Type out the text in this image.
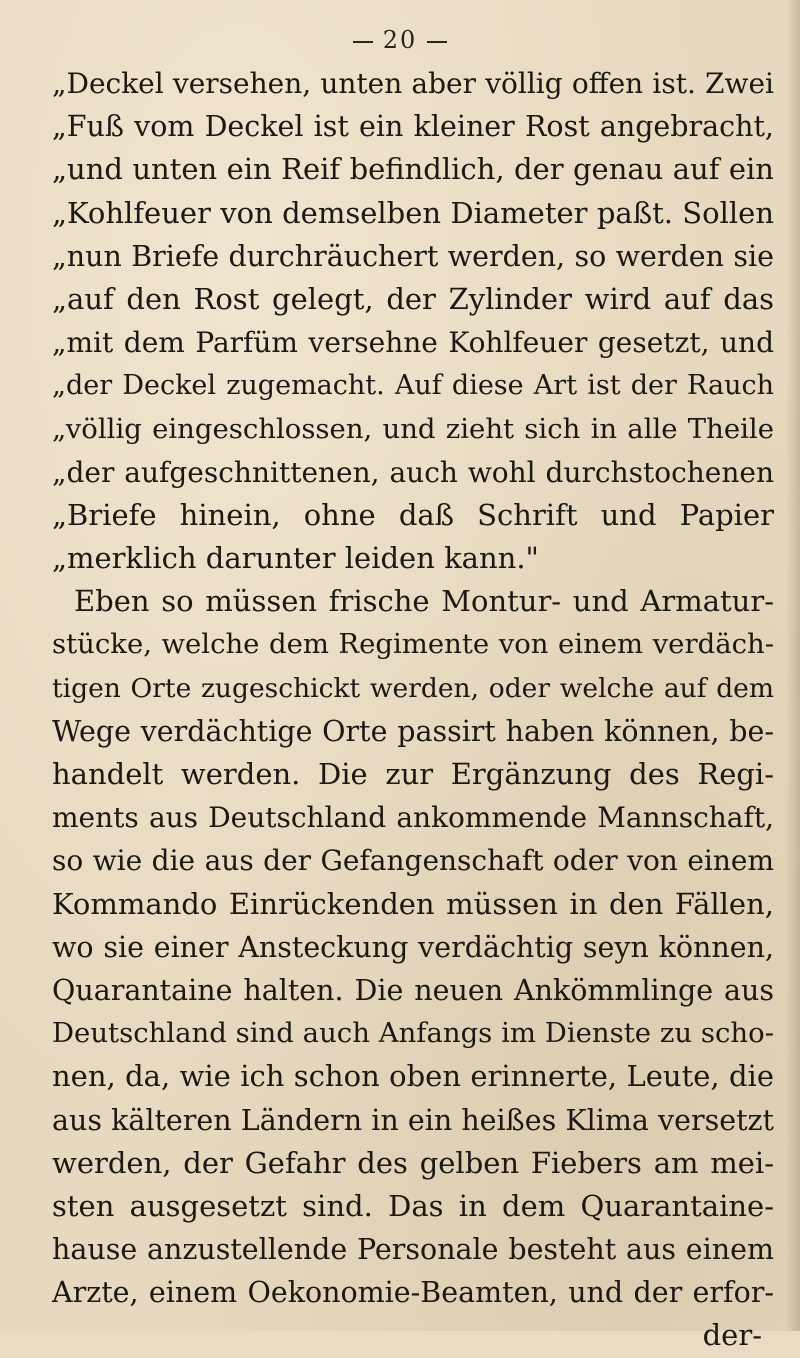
20
„Deckel versehen, unten aber völlig offen ist. Zwei
„Fuß vom Deckel ist ein kleiner Rost angebracht,
„und unten ein Reif befindlich, der genau auf ein
„Kohlfeuer von demselben Diameter paßt. Sollen
„nun Briefe durchräuchert werden, so werden sie
„auf den Rost gelegt, der Zylinder wird auf das
„mit dem Parfüm versehne Kohlfeuer gesetzt, und
„der Deckel zugemacht. Auf diese Art ist der Rauch
„völlig eingeschlossen, und zieht sich in alle Theile
„der aufgeschnittenen, auch wohl durchstochenen
„Briefe hinein, ohne daß Schrift und Papier
„merklich darunter leiden kann."
Eben so müssen frische Montur- und Armatur-
stücke, welche dem Regimente von einem verdäch-
tigen Orte zugeschickt werden, oder welche auf dem
Wege verdächtige Orte passirt haben können, be-
handelt werden. Die zur Ergänzung des Regi-
ments aus Deutschland ankommende Mannschaft,
so wie die aus der Gefangenschaft oder von einem
Kommando Einrückenden müssen in den Fällen,
wo sie einer Ansteckung verdächtig seyn können,
Quarantaine halten. Die neuen Ankömmlinge aus
Deutschland sind auch Anfangs im Dienste zu scho-
nen, da, wie ich schon oben erinnerte, Leute, die
aus kälteren Ländern in ein heißes Klima versetzt
werden, der Gefahr des gelben Fiebers am mei-
sten ausgesetzt sind. Das in dem Quarantaine-
hause anzustellende Personale besteht aus einem
Arzte, einem Oekonomie-Beamten, und der erfor-
der-
